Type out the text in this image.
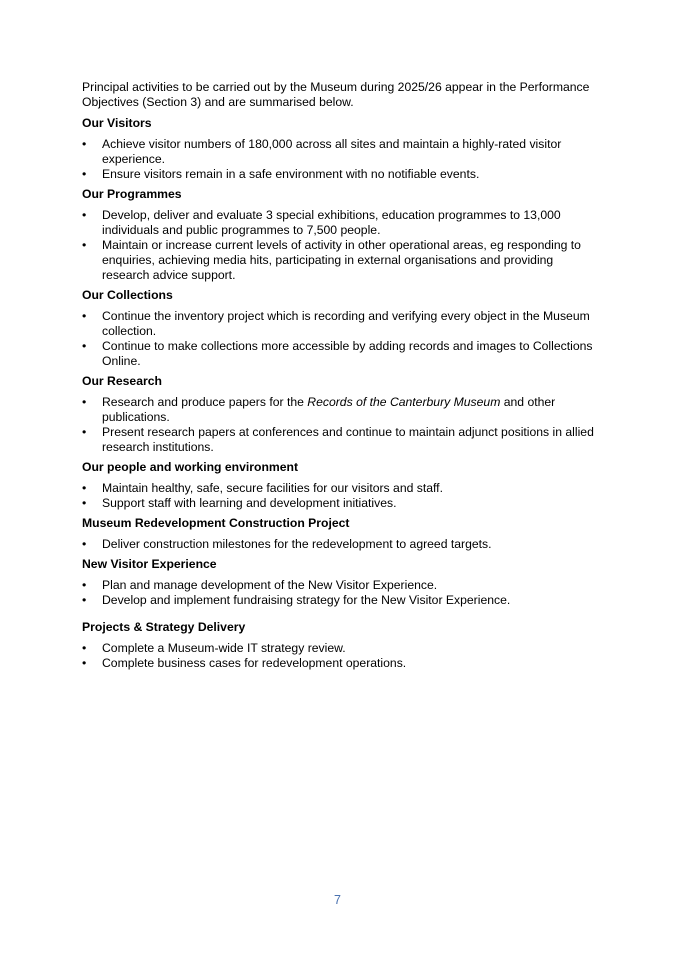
Principal activities to be carried out by the Museum during 2025/26 appear in the Performance Objectives (Section 3) and are summarised below.

Our Visitors
•	Achieve visitor numbers of 180,000 across all sites and maintain a highly-rated visitor experience.
•	Ensure visitors remain in a safe environment with no notifiable events.
Our Programmes
•	Develop, deliver and evaluate 3 special exhibitions, education programmes to 13,000 individuals and public programmes to 7,500 people.
•	Maintain or increase current levels of activity in other operational areas, eg responding to enquiries, achieving media hits, participating in external organisations and providing research advice support.
Our Collections
•	Continue the inventory project which is recording and verifying every object in the Museum collection.
•	Continue to make collections more accessible by adding records and images to Collections Online.
Our Research
•	Research and produce papers for the Records of the Canterbury Museum and other publications.
•	Present research papers at conferences and continue to maintain adjunct positions in allied research institutions.
Our people and working environment
•	Maintain healthy, safe, secure facilities for our visitors and staff.
•	Support staff with learning and development initiatives.
Museum Redevelopment Construction Project
•	Deliver construction milestones for the redevelopment to agreed targets.
New Visitor Experience
•	Plan and manage development of the New Visitor Experience.
•	Develop and implement fundraising strategy for the New Visitor Experience.
Projects & Strategy Delivery
•	Complete a Museum-wide IT strategy review.
•	Complete business cases for redevelopment operations.
7
